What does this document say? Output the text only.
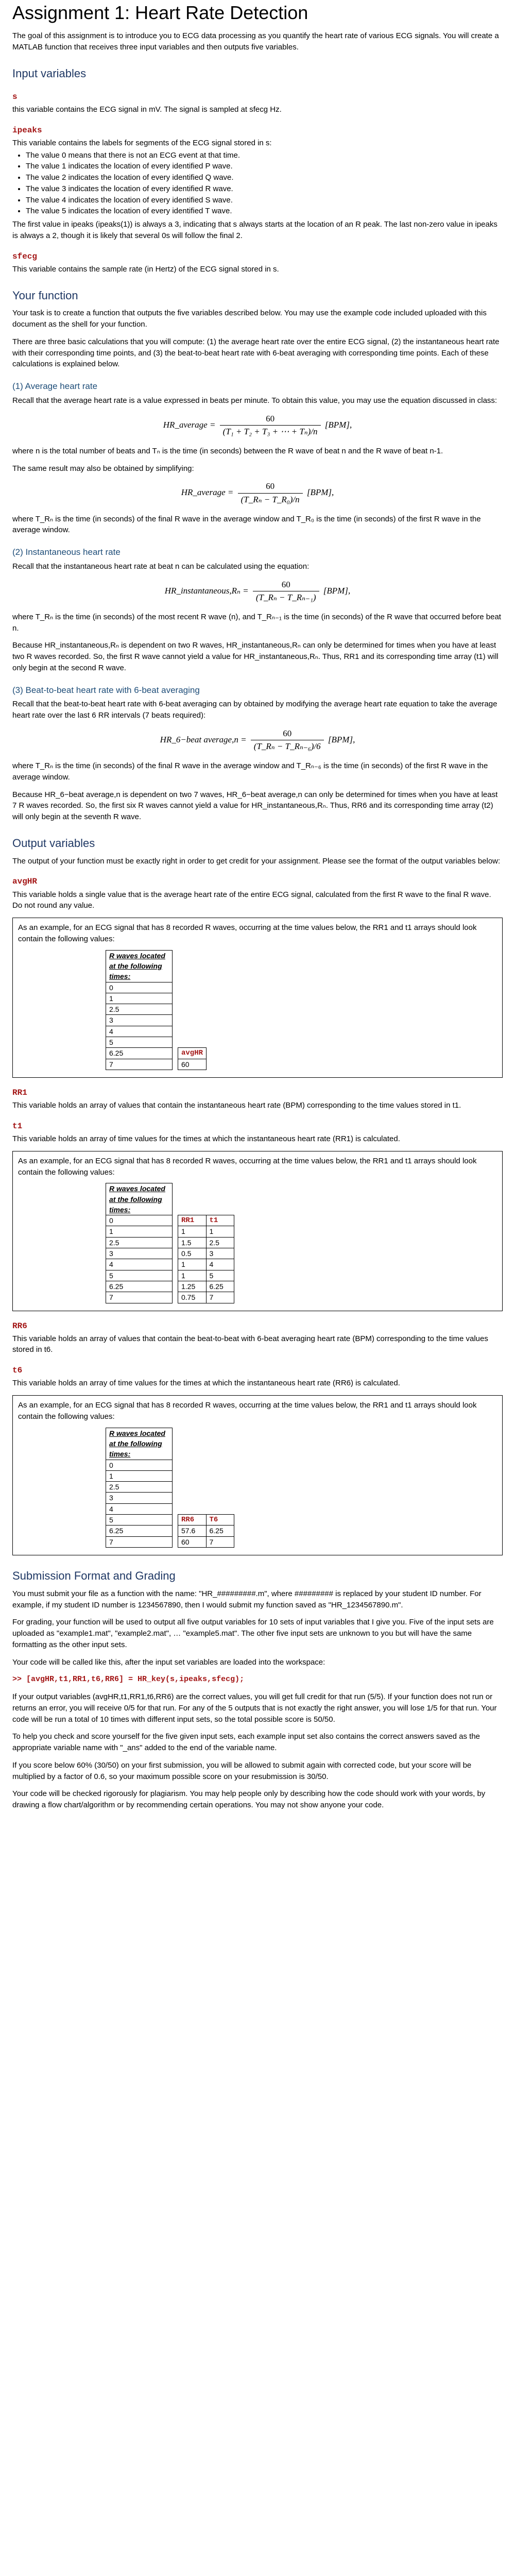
Assignment 1: Heart Rate Detection

The goal of this assignment is to introduce you to ECG data processing as you quantify the heart rate of various ECG signals. You will create a MATLAB function that receives three input variables and then outputs five variables.

Input variables
s

this variable contains the ECG signal in mV. The signal is sampled at sfecg Hz.

ipeaks

This variable contains the labels for segments of the ECG signal stored in s:

• The value 0 means that there is not an ECG event at that time.
• The value 1 indicates the location of every identified P wave.
• The value 2 indicates the location of every identified Q wave.
• The value 3 indicates the location of every identified R wave.
• The value 4 indicates the location of every identified S wave.
• The value 5 indicates the location of every identified T wave.

The first value in ipeaks (ipeaks(1)) is always a 3, indicating that s always starts at the location of an R peak. The last non-zero value in ipeaks is always a 2, though it is likely that several 0s will follow the final 2.

sfecg

This variable contains the sample rate (in Hertz) of the ECG signal stored in s.

Your function

Your task is to create a function that outputs the five variables described below. You may use the example code included uploaded with this document as the shell for your function.

There are three basic calculations that you will compute: (1) the average heart rate over the entire ECG signal, (2) the instantaneous heart rate with their corresponding time points, and (3) the beat-to-beat heart rate with 6-beat averaging with corresponding time points. Each of these calculations is explained below.

(1) Average heart rate

Recall that the average heart rate is a value expressed in beats per minute. To obtain this value, you may use the equation discussed in class:

HR_average = $\frac{60}{\text{(T₁ + T₂ + T₃ + ⋯ + Tₙ)/n}} [BPM]$,

where n is the total number of beats and Tₙ is the time (in seconds) between the R wave of beat n and the R wave of beat n-1.

The same result may also be obtained by simplifying:

HR_average = $\frac{60}{\text{(T\_Rₙ − T\_R₀)/n}} [BPM]$,

where T_Rₙ is the time (in seconds) of the final R wave in the average window and T_R₀ is the time (in seconds) of the first R wave in the average window.

(2) Instantaneous heart rate

Recall that the instantaneous heart rate at beat n can be calculated using the equation:

HR_instantaneous,Rₙ = $\frac{60}{\text{(T\_Rₙ − T\_Rₙ₋₁)}} [BPM]$,

where T_Rₙ is the time (in seconds) of the most recent R wave (n), and T_Rₙ₋₁ is the time (in seconds) of the R wave that occurred before beat n.

Because HR_instantaneous,Rₙ is dependent on two R waves, HR_instantaneous,Rₙ can only be determined for times when you have at least two R waves recorded. So, the first R wave cannot yield a value for HR_instantaneous,Rₙ. Thus, RR1 and its corresponding time array (t1) will only begin at the second R wave.

(3) Beat-to-beat heart rate with 6-beat averaging

Recall that the beat-to-beat heart rate with 6-beat averaging can by obtained by modifying the average heart rate equation to take the average heart rate over the last 6 RR intervals (7 beats required):

HR_6−beat average,n = $\frac{60}{\text{(T\_Rₙ − T\_Rₙ₋₆)/6}} [BPM]$,

where T_Rₙ is the time (in seconds) of the final R wave in the average window and T_Rₙ₋₆ is the time (in seconds) of the first R wave in the average window.

Because HR_6−beat average,n is dependent on two 7 waves, HR_6−beat average,n can only be determined for times when you have at least 7 R waves recorded. So, the first six R waves cannot yield a value for HR_instantaneous,Rₙ. Thus, RR6 and its corresponding time array (t2) will only begin at the seventh R wave.

Output variables

The output of your function must be exactly right in order to get credit for your assignment. Please see the format of the output variables below:

avgHR

This variable holds a single value that is the average heart rate of the entire ECG signal, calculated from the first R wave to the final R wave. Do not round any value.

As an example, for an ECG signal that has 8 recorded R waves, occurring at the time values below, the RR1 and t1 arrays should look contain the following values:

R waves located at the following times:
0
1
2.5
3
4
5
6.25
7
avgHR
60
RR1

This variable holds an array of values that contain the instantaneous heart rate (BPM) corresponding to the time values stored in t1.

t1

This variable holds an array of time values for the times at which the instantaneous heart rate (RR1) is calculated.

As an example, for an ECG signal that has 8 recorded R waves, occurring at the time values below, the RR1 and t1 arrays should look contain the following values:

R waves located at the following times:
0
1
2.5
3
4
5
6.25
7
RR1	t1
1	1
1.5	2.5
0.5	3
1	4
1	5
1.25	6.25
0.75	7
RR6

This variable holds an array of values that contain the beat-to-beat with 6-beat averaging heart rate (BPM) corresponding to the time values stored in t6.

t6

This variable holds an array of time values for the times at which the instantaneous heart rate (RR6) is calculated.

As an example, for an ECG signal that has 8 recorded R waves, occurring at the time values below, the RR1 and t1 arrays should look contain the following values:

R waves located at the following times:
0
1
2.5
3
4
5
6.25
7
RR6	T6
57.6	6.25
60	7
Submission Format and Grading

You must submit your file as a function with the name: "HR_#########.m", where ######### is replaced by your student ID number. For example, if my student ID number is 1234567890, then I would submit my function saved as "HR_1234567890.m".

For grading, your function will be used to output all five output variables for 10 sets of input variables that I give you. Five of the input sets are uploaded as "example1.mat", "example2.mat", … "example5.mat". The other five input sets are unknown to you but will have the same formatting as the other input sets.

Your code will be called like this, after the input set variables are loaded into the workspace:

>> [avgHR,t1,RR1,t6,RR6] = HR_key(s,ipeaks,sfecg);

If your output variables (avgHR,t1,RR1,t6,RR6) are the correct values, you will get full credit for that run (5/5). If your function does not run or returns an error, you will receive 0/5 for that run. For any of the 5 outputs that is not exactly the right answer, you will lose 1/5 for that run. Your code will be run a total of 10 times with different input sets, so the total possible score is 50/50.

To help you check and score yourself for the five given input sets, each example input set also contains the correct answers saved as the appropriate variable name with "_ans" added to the end of the variable name.

If you score below 60% (30/50) on your first submission, you will be allowed to submit again with corrected code, but your score will be multiplied by a factor of 0.6, so your maximum possible score on your resubmission is 30/50.

Your code will be checked rigorously for plagiarism. You may help people only by describing how the code should work with your words, by drawing a flow chart/algorithm or by recommending certain operations. You may not show anyone your code.
